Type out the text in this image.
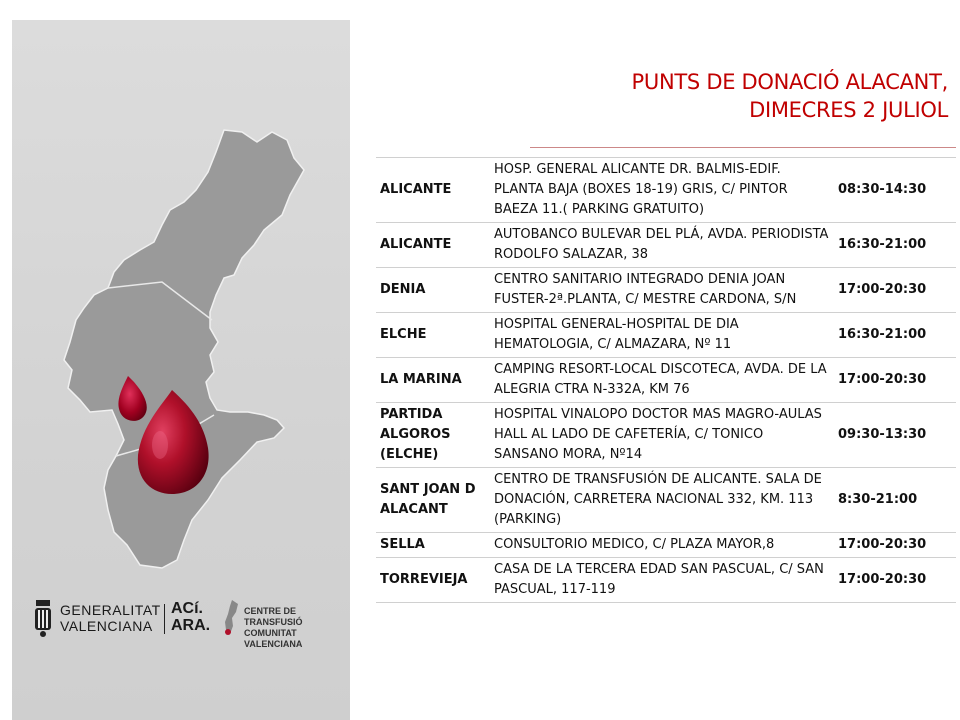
GENERALITAT
VALENCIANA
ACí.
ARA.
CENTRE DE TRANSFUSIÓ
COMUNITAT VALENCIANA
PUNTS DE DONACIÓ ALACANT,
DIMECRES 2 JULIOL
ALICANTE	HOSP. GENERAL ALICANTE DR. BALMIS-EDIF. PLANTA BAJA (BOXES 18-19) GRIS, C/ PINTOR BAEZA 11.( PARKING GRATUITO)	08:30-14:30
ALICANTE	AUTOBANCO BULEVAR DEL PLÁ, AVDA. PERIODISTA RODOLFO SALAZAR, 38	16:30-21:00
DENIA	CENTRO SANITARIO INTEGRADO DENIA JOAN FUSTER-2ª.PLANTA, C/ MESTRE CARDONA, S/N	17:00-20:30
ELCHE	HOSPITAL GENERAL-HOSPITAL DE DIA HEMATOLOGIA, C/ ALMAZARA, Nº 11	16:30-21:00
LA MARINA	CAMPING RESORT-LOCAL DISCOTECA, AVDA. DE LA ALEGRIA CTRA N-332A, KM 76	17:00-20:30
PARTIDA ALGOROS (ELCHE)	HOSPITAL VINALOPO DOCTOR MAS MAGRO-AULAS HALL AL LADO DE CAFETERÍA, C/ TONICO SANSANO MORA, Nº14	09:30-13:30
SANT JOAN D ALACANT	CENTRO DE TRANSFUSIÓN DE ALICANTE. SALA DE DONACIÓN, CARRETERA NACIONAL 332, KM. 113 (PARKING)	8:30-21:00
SELLA	CONSULTORIO MEDICO, C/ PLAZA MAYOR,8	17:00-20:30
TORREVIEJA	CASA DE LA TERCERA EDAD SAN PASCUAL, C/ SAN PASCUAL, 117-119	17:00-20:30
